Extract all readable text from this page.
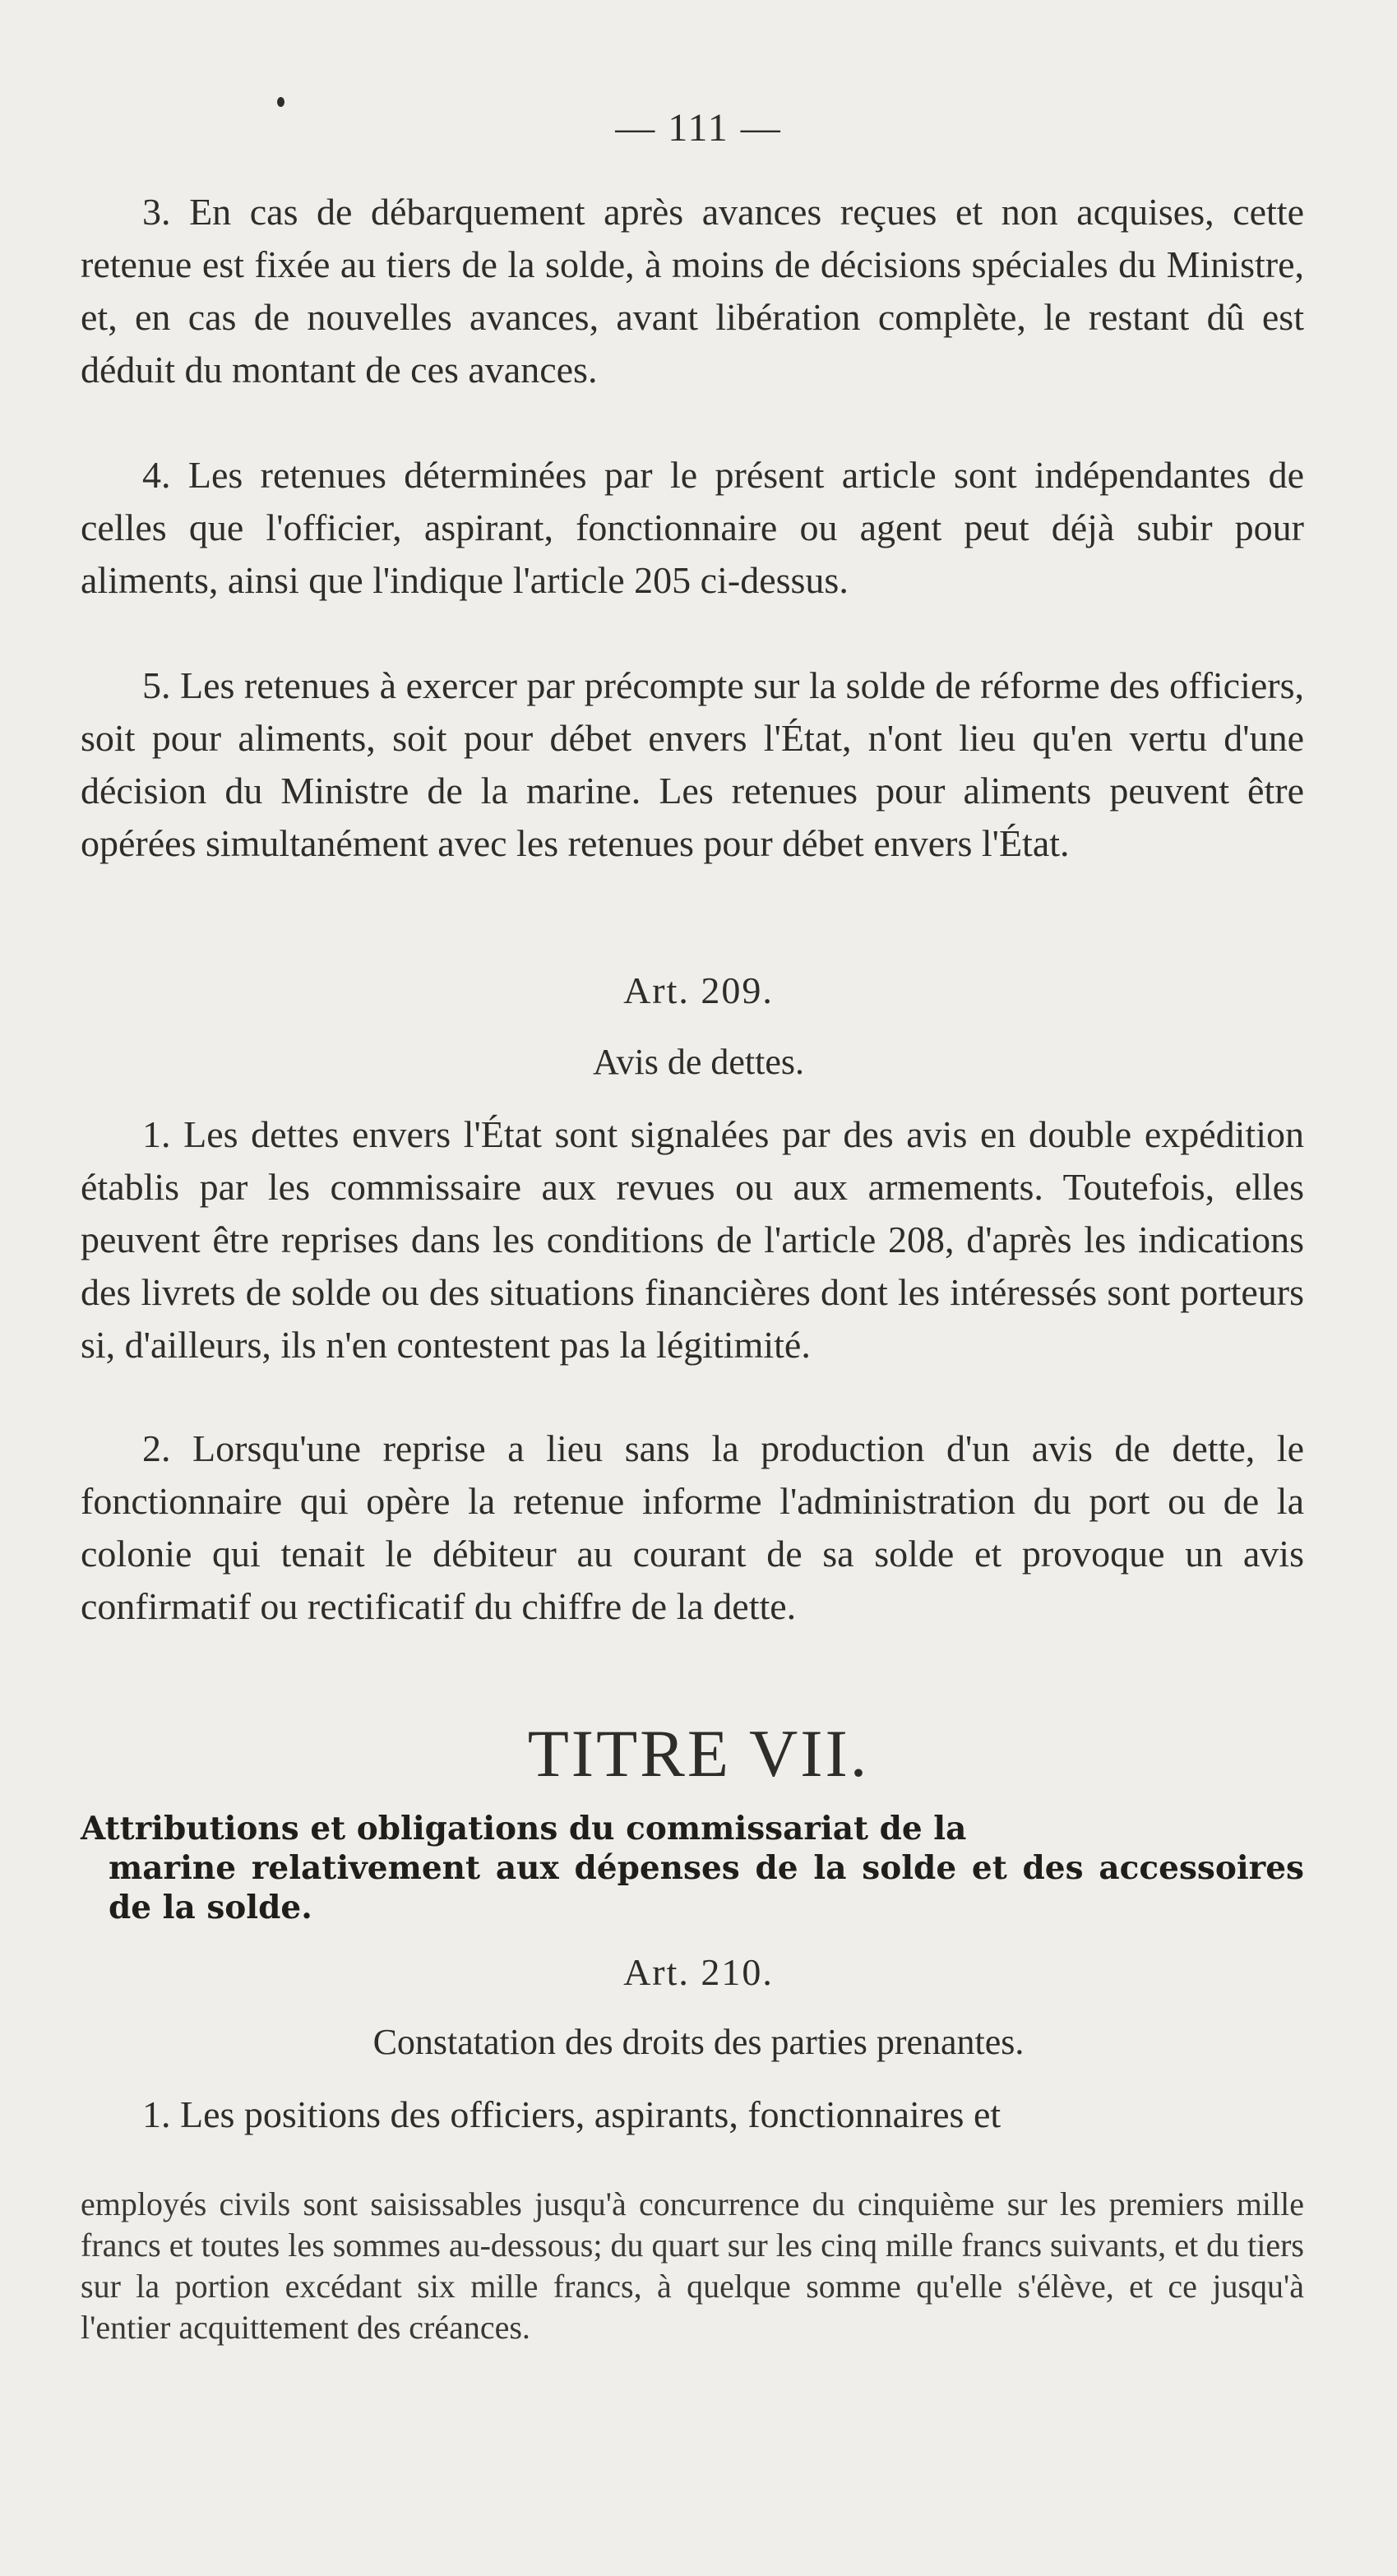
— 111 —

3. En cas de débarquement après avances reçues et non acquises, cette retenue est fixée au tiers de la solde, à moins de décisions spéciales du Ministre, et, en cas de nouvelles avances, avant libération complète, le restant dû est déduit du montant de ces avances.

4. Les retenues déterminées par le présent article sont indépendantes de celles que l'officier, aspirant, fonctionnaire ou agent peut déjà subir pour aliments, ainsi que l'indique l'article 205 ci-dessus.

5. Les retenues à exercer par précompte sur la solde de réforme des officiers, soit pour aliments, soit pour débet envers l'État, n'ont lieu qu'en vertu d'une décision du Ministre de la marine. Les retenues pour aliments peuvent être opérées simultanément avec les retenues pour débet envers l'État.

Art. 209.

Avis de dettes.

1. Les dettes envers l'État sont signalées par des avis en double expédition établis par les commissaire aux revues ou aux armements. Toutefois, elles peuvent être reprises dans les conditions de l'article 208, d'après les indications des livrets de solde ou des situations financières dont les intéressés sont porteurs si, d'ailleurs, ils n'en contestent pas la légitimité.

2. Lorsqu'une reprise a lieu sans la production d'un avis de dette, le fonctionnaire qui opère la retenue informe l'administration du port ou de la colonie qui tenait le débiteur au courant de sa solde et provoque un avis confirmatif ou rectificatif du chiffre de la dette.

TITRE VII.

Attributions et obligations du commissariat de la
marine relativement aux dépenses de la solde et des accessoires de la solde.

Art. 210.

Constatation des droits des parties prenantes.

1. Les positions des officiers, aspirants, fonctionnaires et

employés civils sont saisissables jusqu'à concurrence du cinquième sur les premiers mille francs et toutes les sommes au-dessous; du quart sur les cinq mille francs suivants, et du tiers sur la portion excédant six mille francs, à quelque somme qu'elle s'élève, et ce jusqu'à l'entier acquittement des créances.
